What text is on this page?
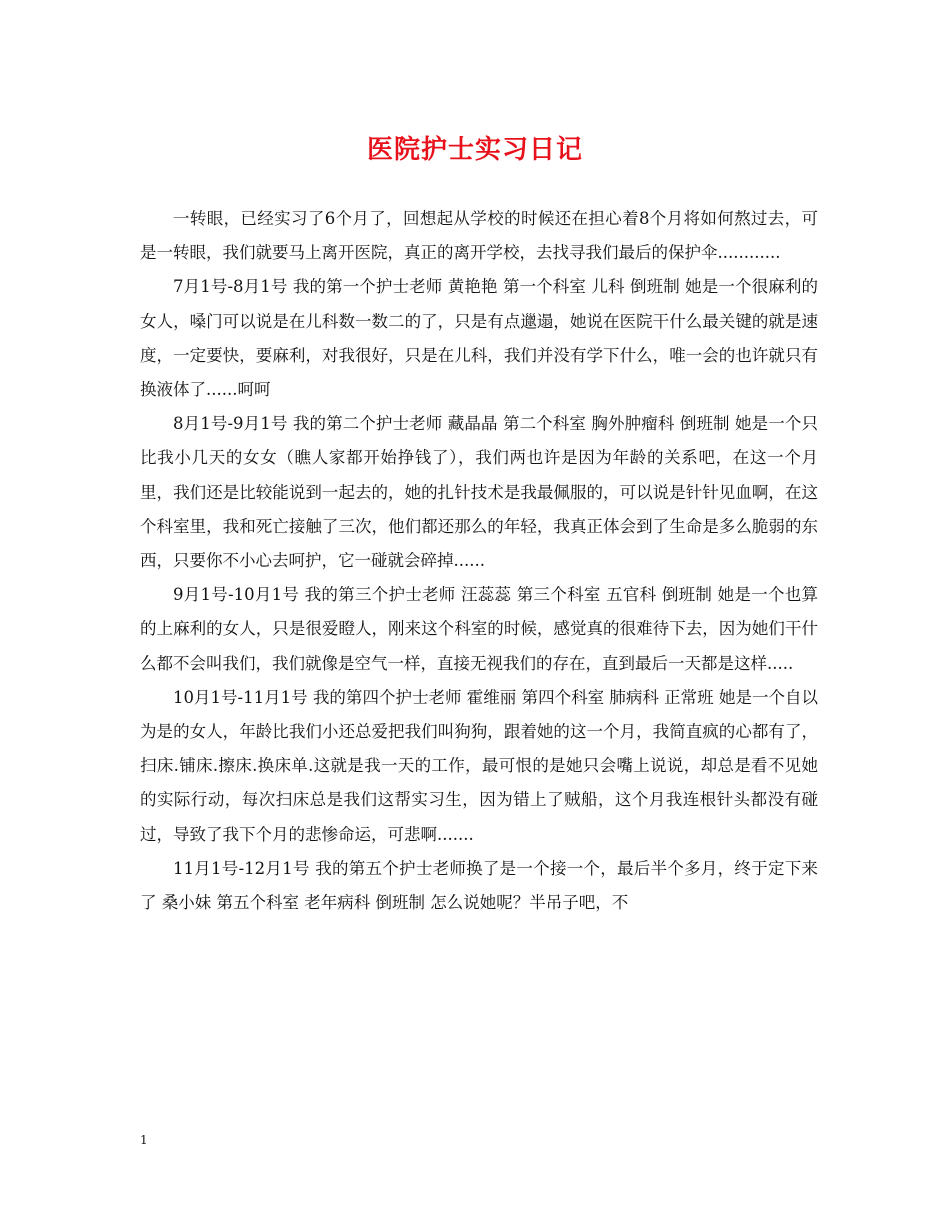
医院护士实习日记

一转眼，已经实习了6个月了，回想起从学校的时候还在担心着8个月将如何熬过去，可是一转眼，我们就要马上离开医院，真正的离开学校，去找寻我们最后的保护伞............

7月1号-8月1号 我的第一个护士老师 黄艳艳 第一个科室 儿科 倒班制 她是一个很麻利的女人，嗓门可以说是在儿科数一数二的了，只是有点邋遢，她说在医院干什么最关键的就是速度，一定要快，要麻利，对我很好，只是在儿科，我们并没有学下什么，唯一会的也许就只有换液体了......呵呵

8月1号-9月1号 我的第二个护士老师 藏晶晶 第二个科室 胸外肿瘤科 倒班制 她是一个只比我小几天的女女（瞧人家都开始挣钱了），我们两也许是因为年龄的关系吧，在这一个月里，我们还是比较能说到一起去的，她的扎针技术是我最佩服的，可以说是针针见血啊，在这个科室里，我和死亡接触了三次，他们都还那么的年轻，我真正体会到了生命是多么脆弱的东西，只要你不小心去呵护，它一碰就会碎掉......

9月1号-10月1号 我的第三个护士老师 汪蕊蕊 第三个科室 五官科 倒班制 她是一个也算的上麻利的女人，只是很爱瞪人，刚来这个科室的时候，感觉真的很难待下去，因为她们干什么都不会叫我们，我们就像是空气一样，直接无视我们的存在，直到最后一天都是这样.....

10月1号-11月1号 我的第四个护士老师 霍维丽 第四个科室 肺病科 正常班 她是一个自以为是的女人，年龄比我们小还总爱把我们叫狗狗，跟着她的这一个月，我简直疯的心都有了，扫床.铺床.擦床.换床单.这就是我一天的工作，最可恨的是她只会嘴上说说，却总是看不见她的实际行动，每次扫床总是我们这帮实习生，因为错上了贼船，这个月我连根针头都没有碰过，导致了我下个月的悲惨命运，可悲啊.......

11月1号-12月1号 我的第五个护士老师换了是一个接一个，最后半个多月，终于定下来了 桑小妹 第五个科室 老年病科 倒班制 怎么说她呢？半吊子吧，不

1
